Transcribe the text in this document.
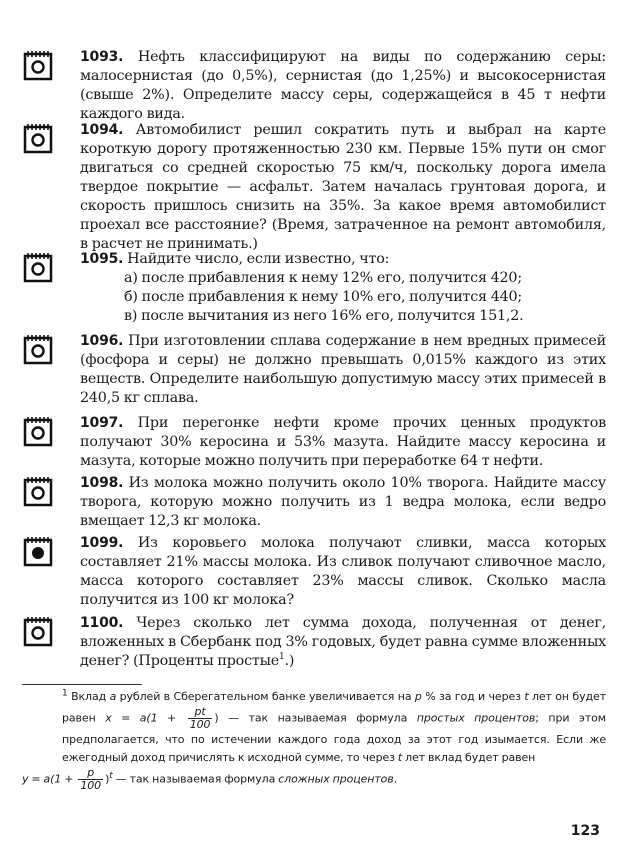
1093. Нефть классифицируют на виды по содержанию серы: малосернистая (до 0,5%), сернистая (до 1,25%) и высокосернистая (свыше 2%). Определите массу серы, содержащейся в 45 т нефти каждого вида.
1094. Автомобилист решил сократить путь и выбрал на карте короткую дорогу протяженностью 230 км. Первые 15% пути он смог двигаться со средней скоростью 75 км/ч, поскольку дорога имела твердое покрытие — асфальт. Затем началась грунтовая дорога, и скорость пришлось снизить на 35%. За какое время автомобилист проехал все расстояние? (Время, затраченное на ремонт автомобиля, в расчет не принимать.)
1095. Найдите число, если известно, что:
а) после прибавления к нему 12% его, получится 420;
б) после прибавления к нему 10% его, получится 440;
в) после вычитания из него 16% его, получится 151,2.
1096. При изготовлении сплава содержание в нем вредных примесей (фосфора и серы) не должно превышать 0,015% каждого из этих веществ. Определите наибольшую допустимую массу этих примесей в 240,5 кг сплава.
1097. При перегонке нефти кроме прочих ценных продуктов получают 30% керосина и 53% мазута. Найдите массу керосина и мазута, которые можно получить при переработке 64 т нефти.
1098. Из молока можно получить около 10% творога. Найдите массу творога, которую можно получить из 1 ведра молока, если ведро вмещает 12,3 кг молока.
1099. Из коровьего молока получают сливки, масса которых составляет 21% массы молока. Из сливок получают сливочное масло, масса которого составляет 23% массы сливок. Сколько масла получится из 100 кг молока?
1100. Через сколько лет сумма дохода, полученная от денег, вложенных в Сбербанк под 3% годовых, будет равна сумме вложенных денег? (Проценты простые$^1$.)
$^1$ Вклад а рублей в Сберегательном банке увеличивается на р % за год и через t лет он будет равен $x = a(1 + \frac{pt}{100}$ ) — так называемая формула простых процентов; при этом предполагается, что по истечении каждого года доход за этот год изымается. Если же ежегодный доход причислять к исходной сумме, то через t лет вклад будет равен
$y = a(1 + \frac{p}{100} )^t$ — так называемая формула сложных процентов.
123
